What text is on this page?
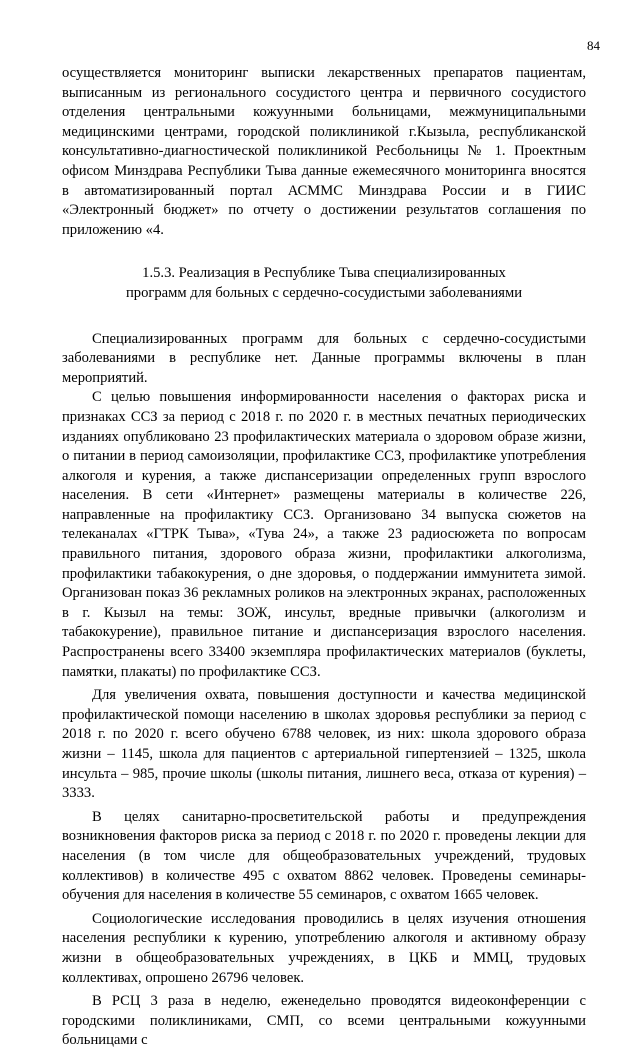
84

осуществляется мониторинг выписки лекарственных препаратов пациентам, выписанным из регионального сосудистого центра и первичного сосудистого отделения центральными кожуунными больницами, межмуниципальными медицинскими центрами, городской поликлиникой г.Кызыла, республиканской консультативно-диагностической поликлиникой Ресбольницы № 1. Проектным офисом Минздрава Республики Тыва данные ежемесячного мониторинга вносятся в автоматизированный портал АСММС Минздрава России и в ГИИС «Электронный бюджет» по отчету о достижении результатов соглашения по приложению «4.

1.5.3. Реализация в Республике Тыва специализированных
программ для больных с сердечно-сосудистыми заболеваниями

Специализированных программ для больных с сердечно-сосудистыми заболеваниями в республике нет. Данные программы включены в план мероприятий.

С целью повышения информированности населения о факторах риска и признаках ССЗ за период с 2018 г. по 2020 г. в местных печатных периодических изданиях опубликовано 23 профилактических материала о здоровом образе жизни, о питании в период самоизоляции, профилактике ССЗ, профилактике употребления алкоголя и курения, а также диспансеризации определенных групп взрослого населения. В сети «Интернет» размещены материалы в количестве 226, направленные на профилактику ССЗ. Организовано 34 выпуска сюжетов на телеканалах «ГТРК Тыва», «Тува 24», а также 23 радиосюжета по вопросам правильного питания, здорового образа жизни, профилактики алкоголизма, профилактики табакокурения, о дне здоровья, о поддержании иммунитета зимой. Организован показ 36 рекламных роликов на электронных экранах, расположенных в г. Кызыл на темы: ЗОЖ, инсульт, вредные привычки (алкоголизм и табакокурение), правильное питание и диспансеризация взрослого населения. Распространены всего 33400 экземпляра профилактических материалов (буклеты, памятки, плакаты) по профилактике ССЗ.

Для увеличения охвата, повышения доступности и качества медицинской профилактической помощи населению в школах здоровья республики за период с 2018 г. по 2020 г. всего обучено 6788 человек, из них: школа здорового образа жизни – 1145, школа для пациентов с артериальной гипертензией – 1325, школа инсульта – 985, прочие школы (школы питания, лишнего веса, отказа от курения) – 3333.

В целях санитарно-просветительской работы и предупреждения возникновения факторов риска за период с 2018 г. по 2020 г. проведены лекции для населения (в том числе для общеобразовательных учреждений, трудовых коллективов) в количестве 495 с охватом 8862 человек. Проведены семинары-обучения для населения в количестве 55 семинаров, с охватом 1665 человек.

Социологические исследования проводились в целях изучения отношения населения республики к курению, употреблению алкоголя и активному образу жизни в общеобразовательных учреждениях, в ЦКБ и ММЦ, трудовых коллективах, опрошено 26796 человек.

В РСЦ 3 раза в неделю, еженедельно проводятся видеоконференции с городскими поликлиниками, СМП, со всеми центральными кожуунными больницами с
